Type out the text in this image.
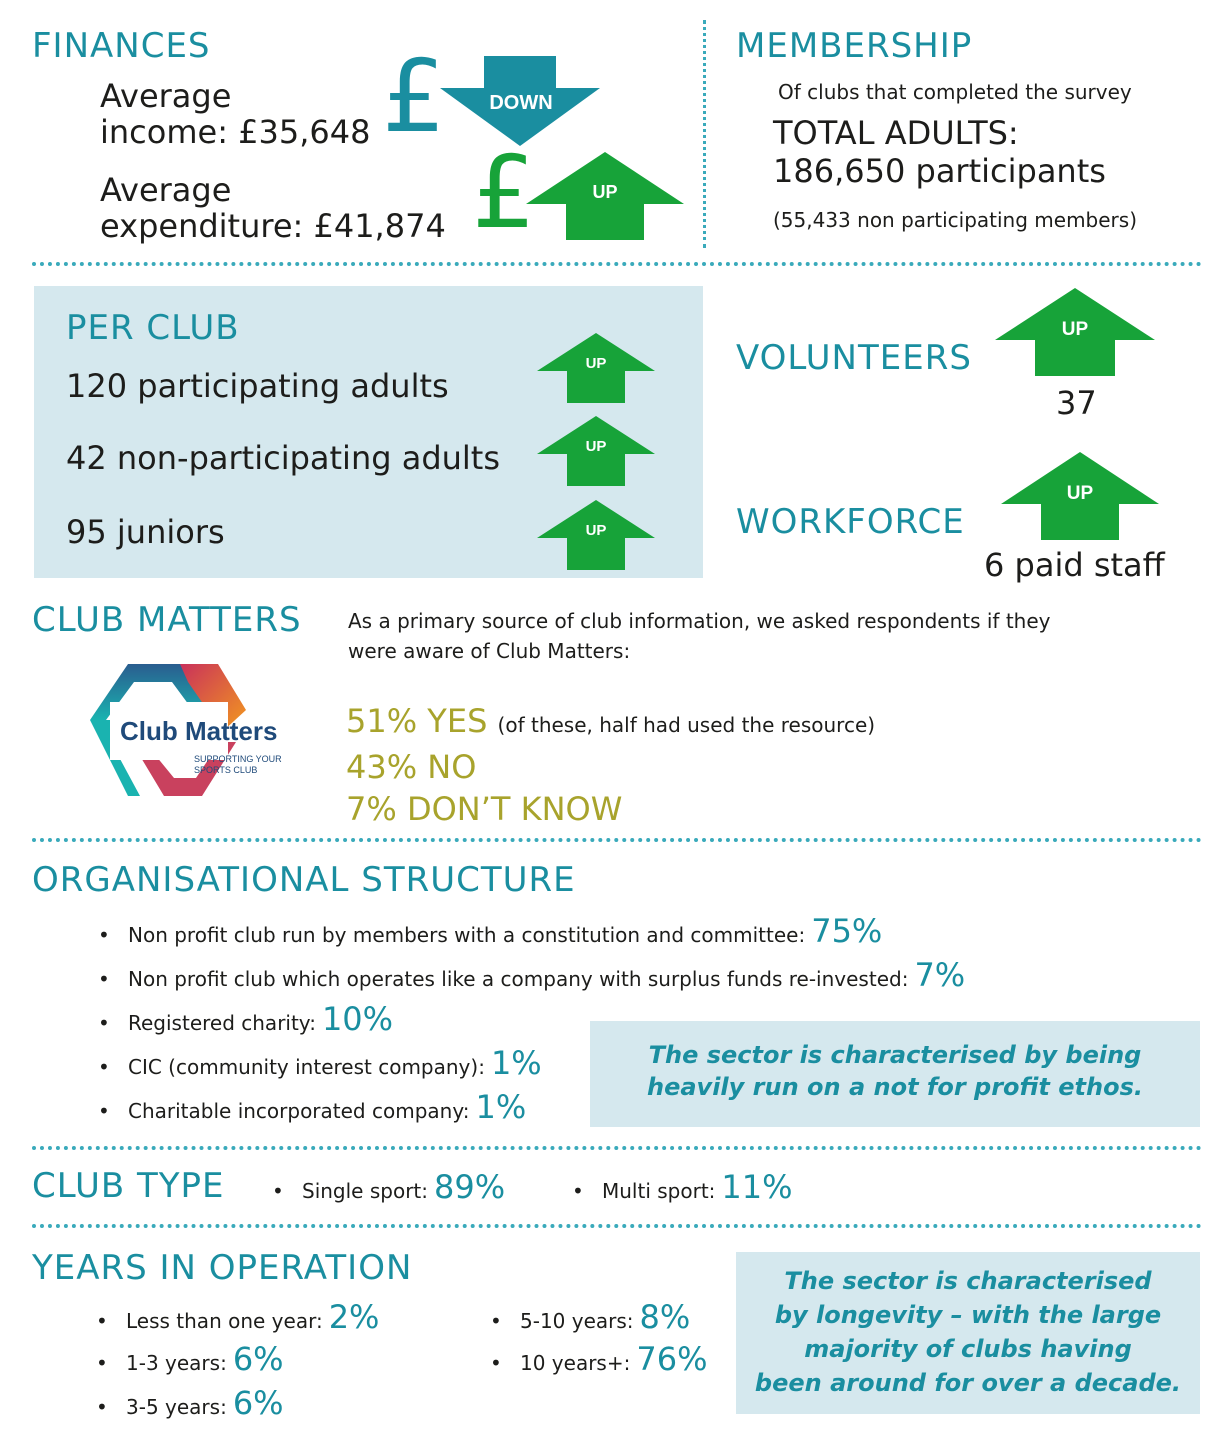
FINANCES
Average
income: £35,648
Average
expenditure: £41,874
£ DOWN
£	UP
MEMBERSHIP
Of clubs that completed the survey
TOTAL ADULTS:
186,650 participants
(55,433 non participating members)
PER CLUB
120 participating adults
42 non-participating adults
95 juniors
UP
UP
UP
VOLUNTEERS
UP
37
WORKFORCE
UP
6 paid staff
CLUB MATTERS As a primary source of club information, we asked respondents if they
were aware of Club Matters:
Club Matters
SUPPORTING YOUR
SPORTS CLUB
51% YES (of these, half had used the resource)
43% NO
7% DON’T KNOW
ORGANISATIONAL STRUCTURE
• Non profit club run by members with a constitution and committee: 75%
• Non profit club which operates like a company with surplus funds re-invested: 7%
• Registered charity: 10%
• CIC (community interest company): 1%
• Charitable incorporated company: 1%
The sector is characterised by being
heavily run on a not for profit ethos.
CLUB TYPE • Single sport: 89%	• Multi sport: 11%
YEARS IN OPERATION
• Less than one year: 2%
• 1-3 years: 6%
• 3-5 years: 6%
• 5-10 years: 8%
• 10 years+: 76%
The sector is characterised
by longevity – with the large
majority of clubs having
been around for over a decade.
